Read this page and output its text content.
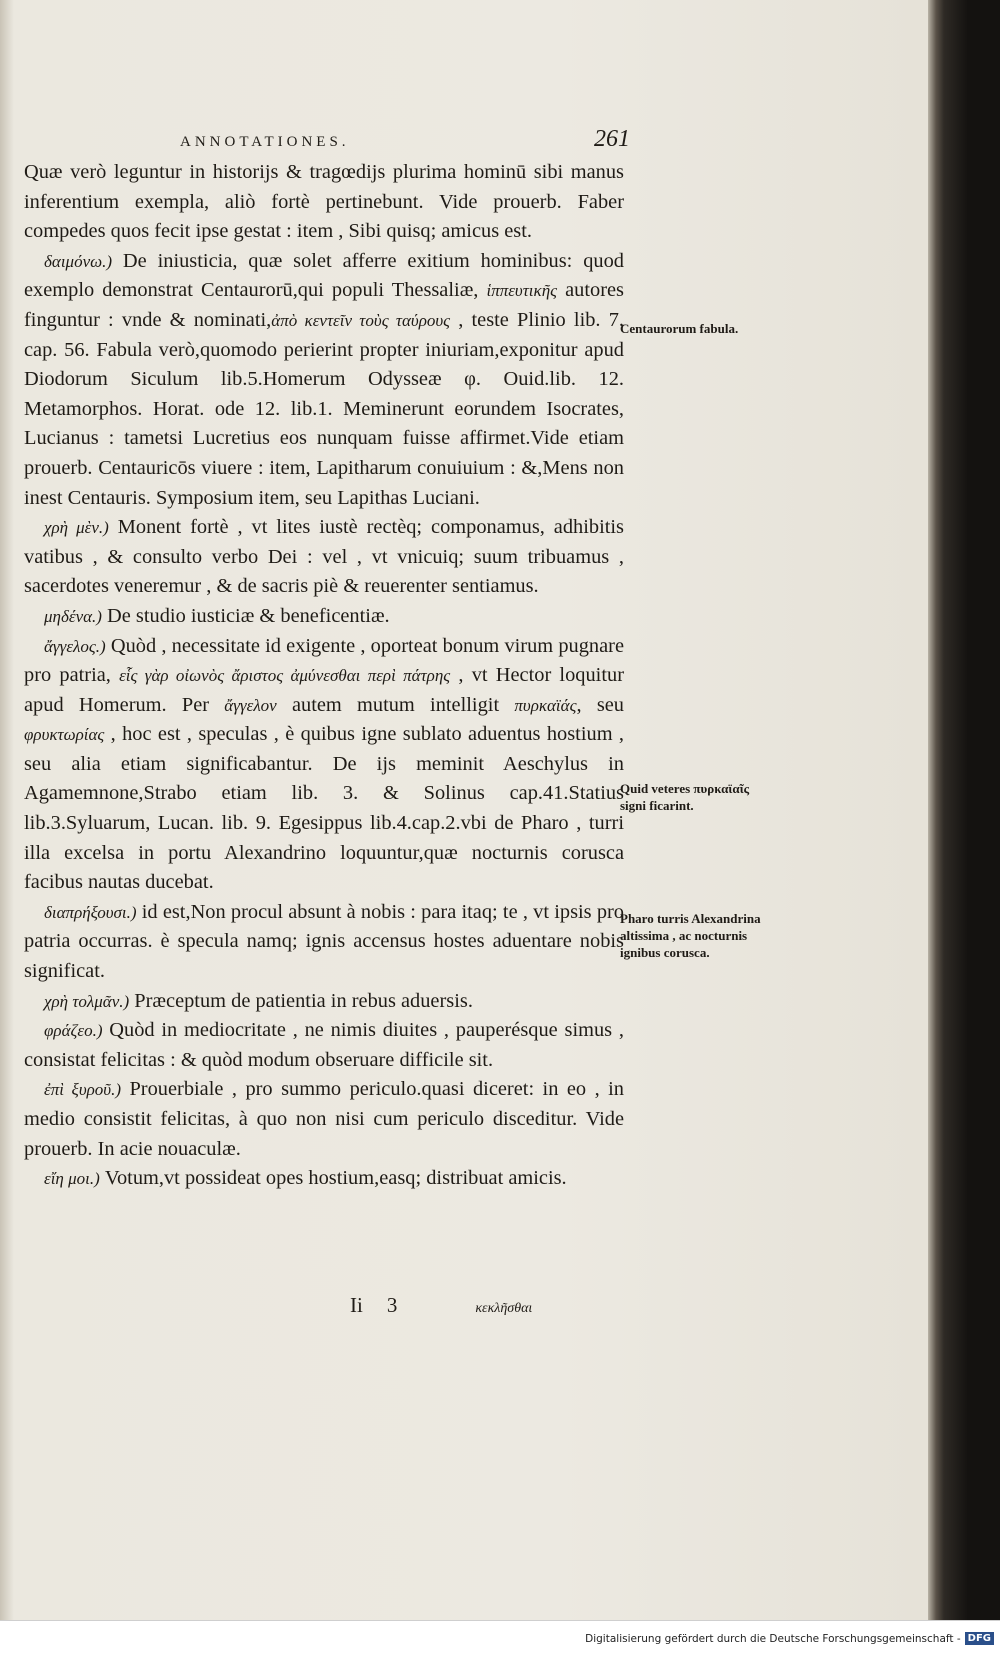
ANNOTATIONES.	261

Quæ verò leguntur in historijs & tragœdijs plurima hominū sibi manus inferentium exempla, aliò fortè pertinebunt. Vide prouerb. Faber compedes quos fecit ipse gestat : item , Sibi quisq; amicus est.

δαιμόνω.) De iniusticia, quæ solet afferre exitium hominibus: quod exemplo demonstrat Centaurorū,qui populi Thessaliæ, ἱππευτικῆς autores finguntur : vnde & nominati,ἀπὸ κεντεῖν τοὺς ταύρους , teste Plinio lib. 7. cap. 56. Fabula verò,quomodo perierint propter iniuriam,exponitur apud Diodorum Siculum lib.5.Homerum Odysseæ φ. Ouid.lib. 12. Metamorphos. Horat. ode 12. lib.1. Meminerunt eorundem Isocrates, Lucianus : tametsi Lucretius eos nunquam fuisse affirmet.Vide etiam prouerb. Centauricōs viuere : item, Lapitharum conuiuium : &,Mens non inest Centauris. Symposium item, seu Lapithas Luciani.

χρὴ μὲν.) Monent fortè , vt lites iustè rectèq; componamus, adhibitis vatibus , & consulto verbo Dei : vel , vt vnicuiq; suum tribuamus , sacerdotes veneremur , & de sacris piè & reuerenter sentiamus.

μηδένα.) De studio iusticiæ & beneficentiæ.

ἄγγελος.) Quòd , necessitate id exigente , oporteat bonum virum pugnare pro patria, εἷς γὰρ οἰωνὸς ἄριστος ἀμύνεσθαι περὶ πάτρης , vt Hector loquitur apud Homerum. Per ἄγγελον autem mutum intelligit πυρκαϊάς, seu φρυκτωρίας , hoc est , speculas , è quibus igne sublato aduentus hostium , seu alia etiam significabantur. De ijs meminit Aeschylus in Agamemnone,Strabo etiam lib. 3. & Solinus cap.41.Statius lib.3.Syluarum, Lucan. lib. 9. Egesippus lib.4.cap.2.vbi de Pharo , turri illa excelsa in portu Alexandrino loquuntur,quæ nocturnis corusca facibus nautas ducebat.

διαπρήξουσι.) id est,Non procul absunt à nobis : para itaq; te , vt ipsis pro patria occurras. è specula namq; ignis accensus hostes aduentare nobis significat.

χρὴ τολμᾶν.) Præceptum de patientia in rebus aduersis.

φράζεο.) Quòd in mediocritate , ne nimis diuites , pauperésque simus , consistat felicitas : & quòd modum obseruare difficile sit.

ἐπὶ ξυροῦ.) Prouerbiale , pro summo periculo.quasi diceret: in eo , in medio consistit felicitas, à quo non nisi cum periculo disceditur. Vide prouerb. In acie nouaculæ.

εἴη μοι.) Votum,vt possideat opes hostium,easq; distribuat amicis.

Centaurorum fabula.
Quid veteres πυρκαϊαῖς signi ficarint.
Pharo turris Alexandrina altissima , ac nocturnis ignibus corusca.
Ii 3	κεκλῆσθαι
Digitalisierung gefördert durch die Deutsche Forschungsgemeinschaft - DFG
